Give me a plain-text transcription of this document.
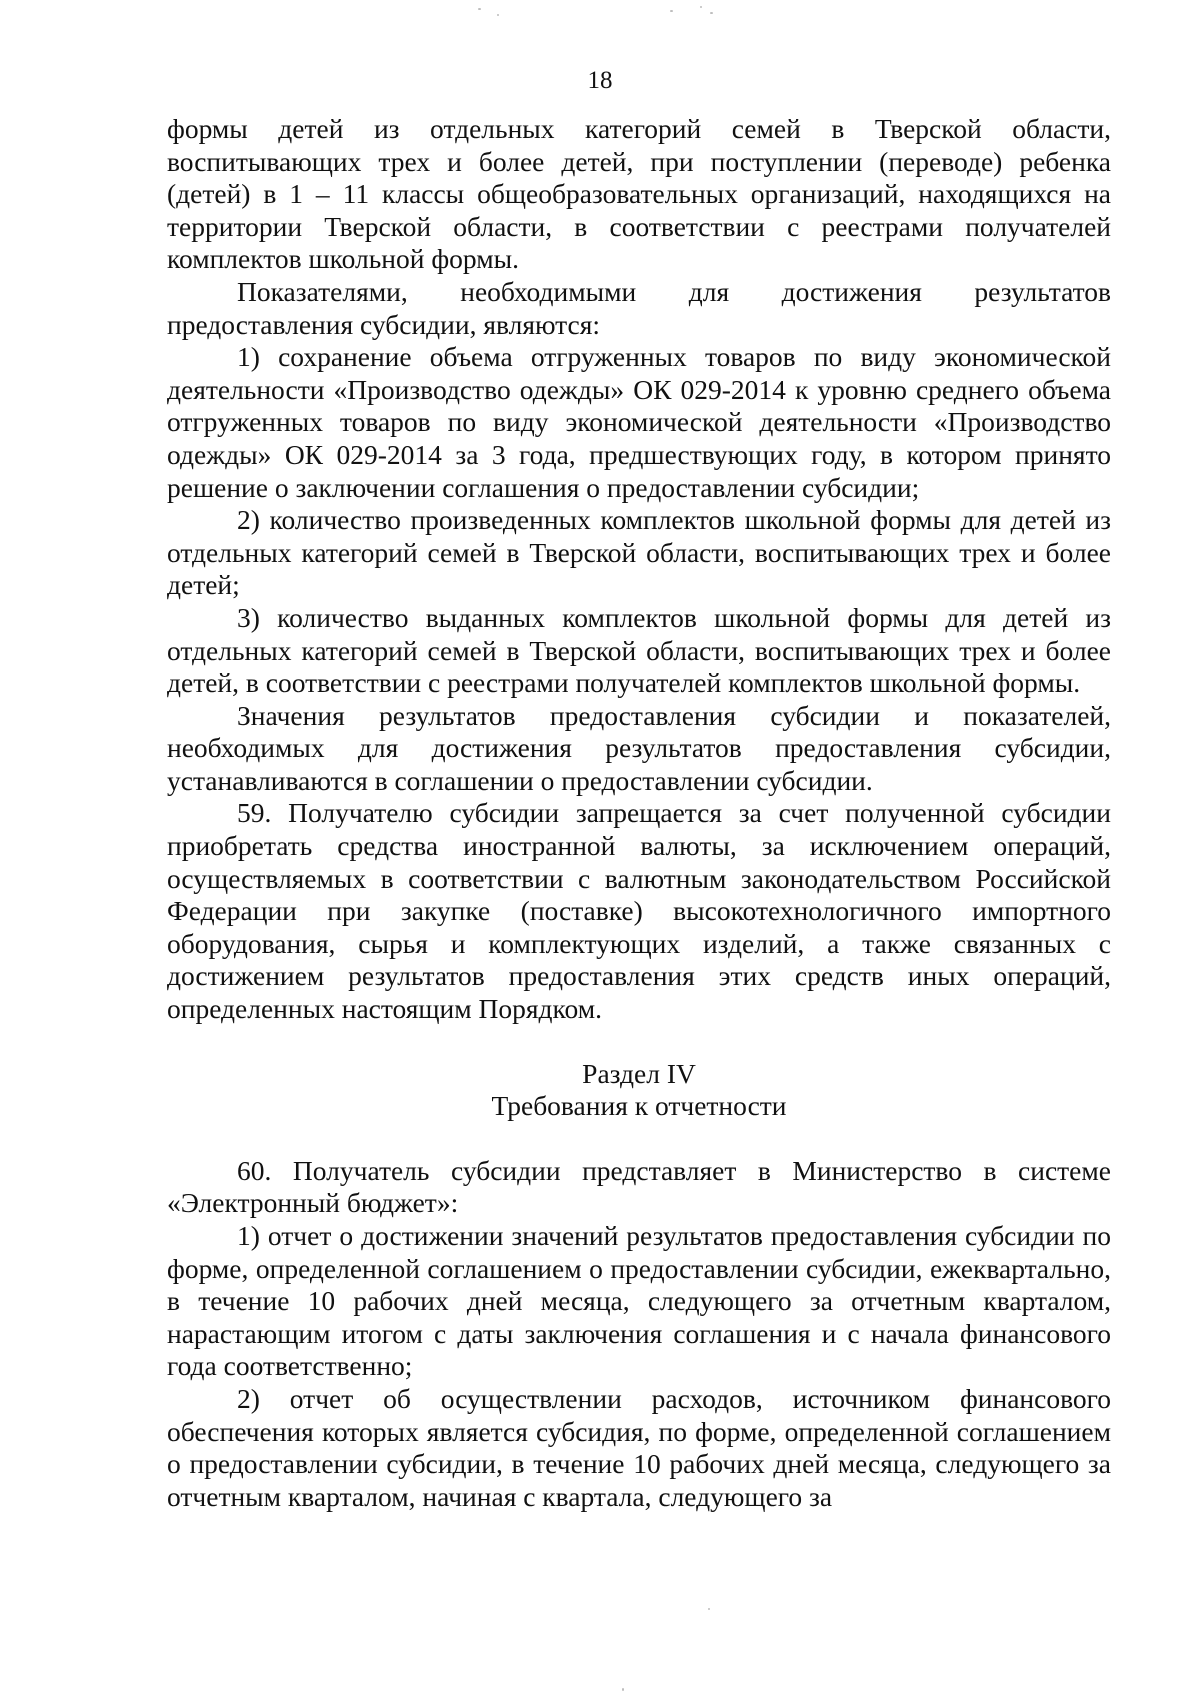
18

формы детей из отдельных категорий семей в Тверской области, воспитывающих трех и более детей, при поступлении (переводе) ребенка (детей) в 1 – 11 классы общеобразовательных организаций, находящихся на территории Тверской области, в соответствии с реестрами получателей комплектов школьной формы.

Показателями, необходимыми для достижения результатов предоставления субсидии, являются:

1) сохранение объема отгруженных товаров по виду экономической деятельности «Производство одежды» ОК 029-2014 к уровню среднего объема отгруженных товаров по виду экономической деятельности «Производство одежды» ОК 029-2014 за 3 года, предшествующих году, в котором принято решение о заключении соглашения о предоставлении субсидии;

2) количество произведенных комплектов школьной формы для детей из отдельных категорий семей в Тверской области, воспитывающих трех и более детей;

3) количество выданных комплектов школьной формы для детей из отдельных категорий семей в Тверской области, воспитывающих трех и более детей, в соответствии с реестрами получателей комплектов школьной формы.

Значения результатов предоставления субсидии и показателей, необходимых для достижения результатов предоставления субсидии, устанавливаются в соглашении о предоставлении субсидии.

59. Получателю субсидии запрещается за счет полученной субсидии приобретать средства иностранной валюты, за исключением операций, осуществляемых в соответствии с валютным законодательством Российской Федерации при закупке (поставке) высокотехнологичного импортного оборудования, сырья и комплектующих изделий, а также связанных с достижением результатов предоставления этих средств иных операций, определенных настоящим Порядком.

Раздел IV

Требования к отчетности

60. Получатель субсидии представляет в Министерство в системе «Электронный бюджет»:

1) отчет о достижении значений результатов предоставления субсидии по форме, определенной соглашением о предоставлении субсидии, ежеквартально, в течение 10 рабочих дней месяца, следующего за отчетным кварталом, нарастающим итогом с даты заключения соглашения и с начала финансового года соответственно;

2) отчет об осуществлении расходов, источником финансового обеспечения которых является субсидия, по форме, определенной соглашением о предоставлении субсидии, в течение 10 рабочих дней месяца, следующего за отчетным кварталом, начиная с квартала, следующего за
